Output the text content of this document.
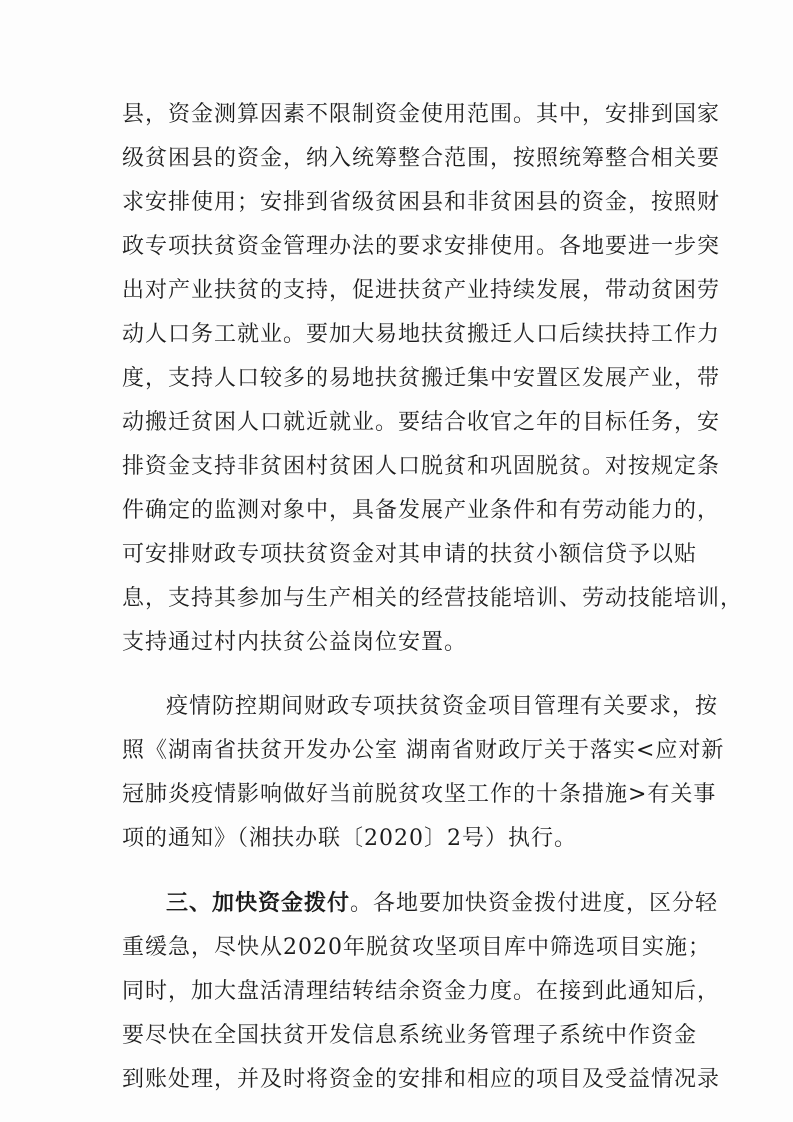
县，资金测算因素不限制资金使用范围。其中，安排到国家
级贫困县的资金，纳入统筹整合范围，按照统筹整合相关要
求安排使用；安排到省级贫困县和非贫困县的资金，按照财
政专项扶贫资金管理办法的要求安排使用。各地要进一步突
出对产业扶贫的支持，促进扶贫产业持续发展，带动贫困劳
动人口务工就业。要加大易地扶贫搬迁人口后续扶持工作力
度，支持人口较多的易地扶贫搬迁集中安置区发展产业，带
动搬迁贫困人口就近就业。要结合收官之年的目标任务，安
排资金支持非贫困村贫困人口脱贫和巩固脱贫。对按规定条
件确定的监测对象中，具备发展产业条件和有劳动能力的，
可安排财政专项扶贫资金对其申请的扶贫小额信贷予以贴
息，支持其参加与生产相关的经营技能培训、劳动技能培训，
支持通过村内扶贫公益岗位安置。
疫情防控期间财政专项扶贫资金项目管理有关要求，按
照《湖南省扶贫开发办公室 湖南省财政厅关于落实<应对新
冠肺炎疫情影响做好当前脱贫攻坚工作的十条措施>有关事
项的通知》（湘扶办联〔2020〕2号）执行。
三、加快资金拨付。各地要加快资金拨付进度，区分轻
重缓急，尽快从2020年脱贫攻坚项目库中筛选项目实施；
同时，加大盘活清理结转结余资金力度。在接到此通知后，
要尽快在全国扶贫开发信息系统业务管理子系统中作资金
到账处理，并及时将资金的安排和相应的项目及受益情况录
